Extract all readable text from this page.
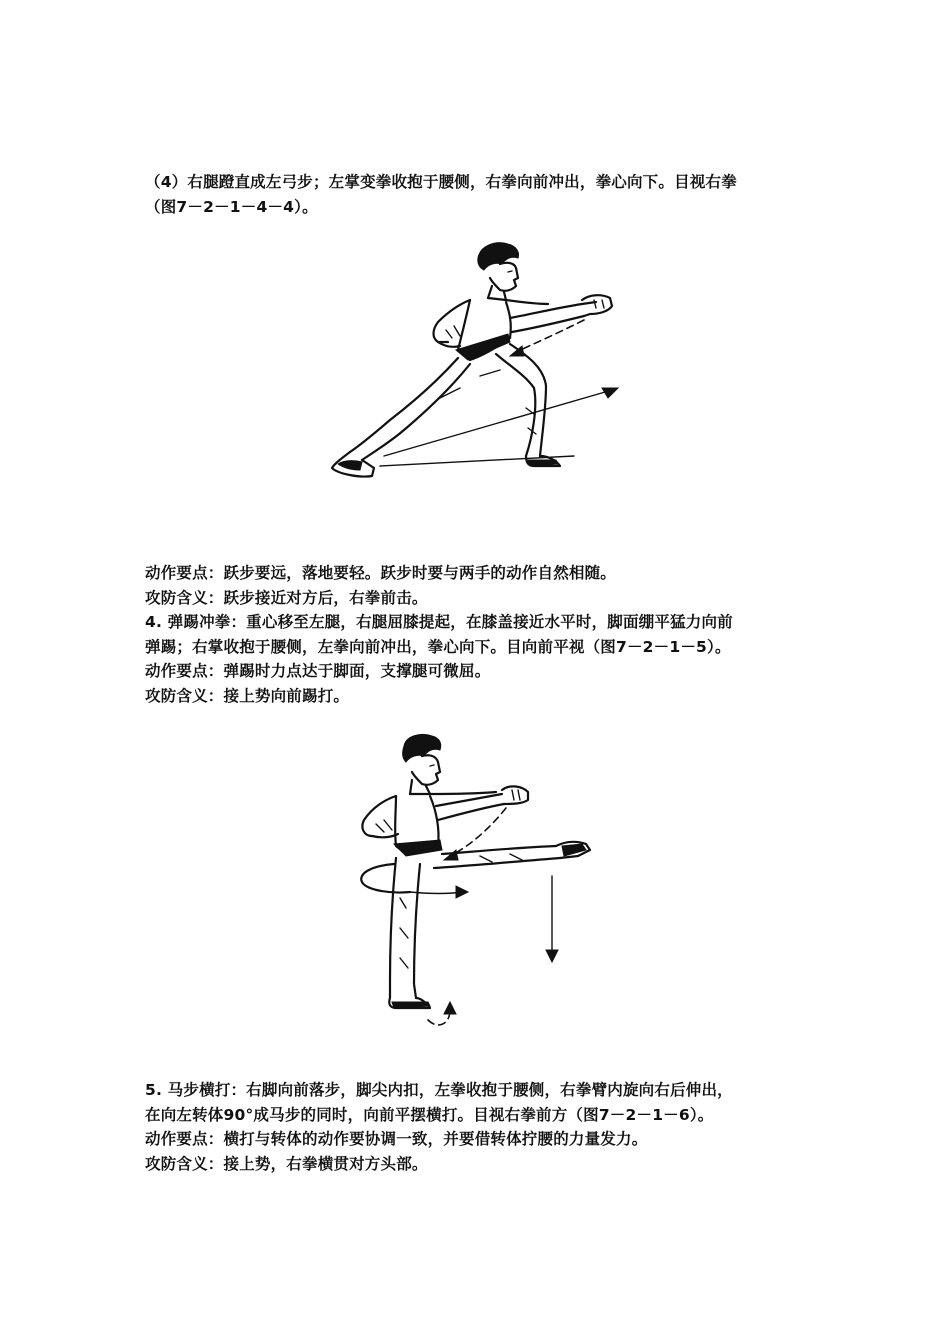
（4）右腿蹬直成左弓步；左掌变拳收抱于腰侧，右拳向前冲出，拳心向下。目视右拳

（图7－2－1－4－4）。

动作要点：跃步要远，落地要轻。跃步时要与两手的动作自然相随。

攻防含义：跃步接近对方后，右拳前击。

4. 弹踢冲拳：重心移至左腿，右腿屈膝提起，在膝盖接近水平时，脚面绷平猛力向前

弹踢；右掌收抱于腰侧，左拳向前冲出，拳心向下。目向前平视（图7－2－1－5）。

动作要点：弹踢时力点达于脚面，支撑腿可微屈。

攻防含义：接上势向前踢打。

5. 马步横打：右脚向前落步，脚尖内扣，左拳收抱于腰侧，右拳臂内旋向右后伸出，

在向左转体90°成马步的同时，向前平摆横打。目视右拳前方（图7－2－1－6）。

动作要点：横打与转体的动作要协调一致，并要借转体拧腰的力量发力。

攻防含义：接上势，右拳横贯对方头部。
